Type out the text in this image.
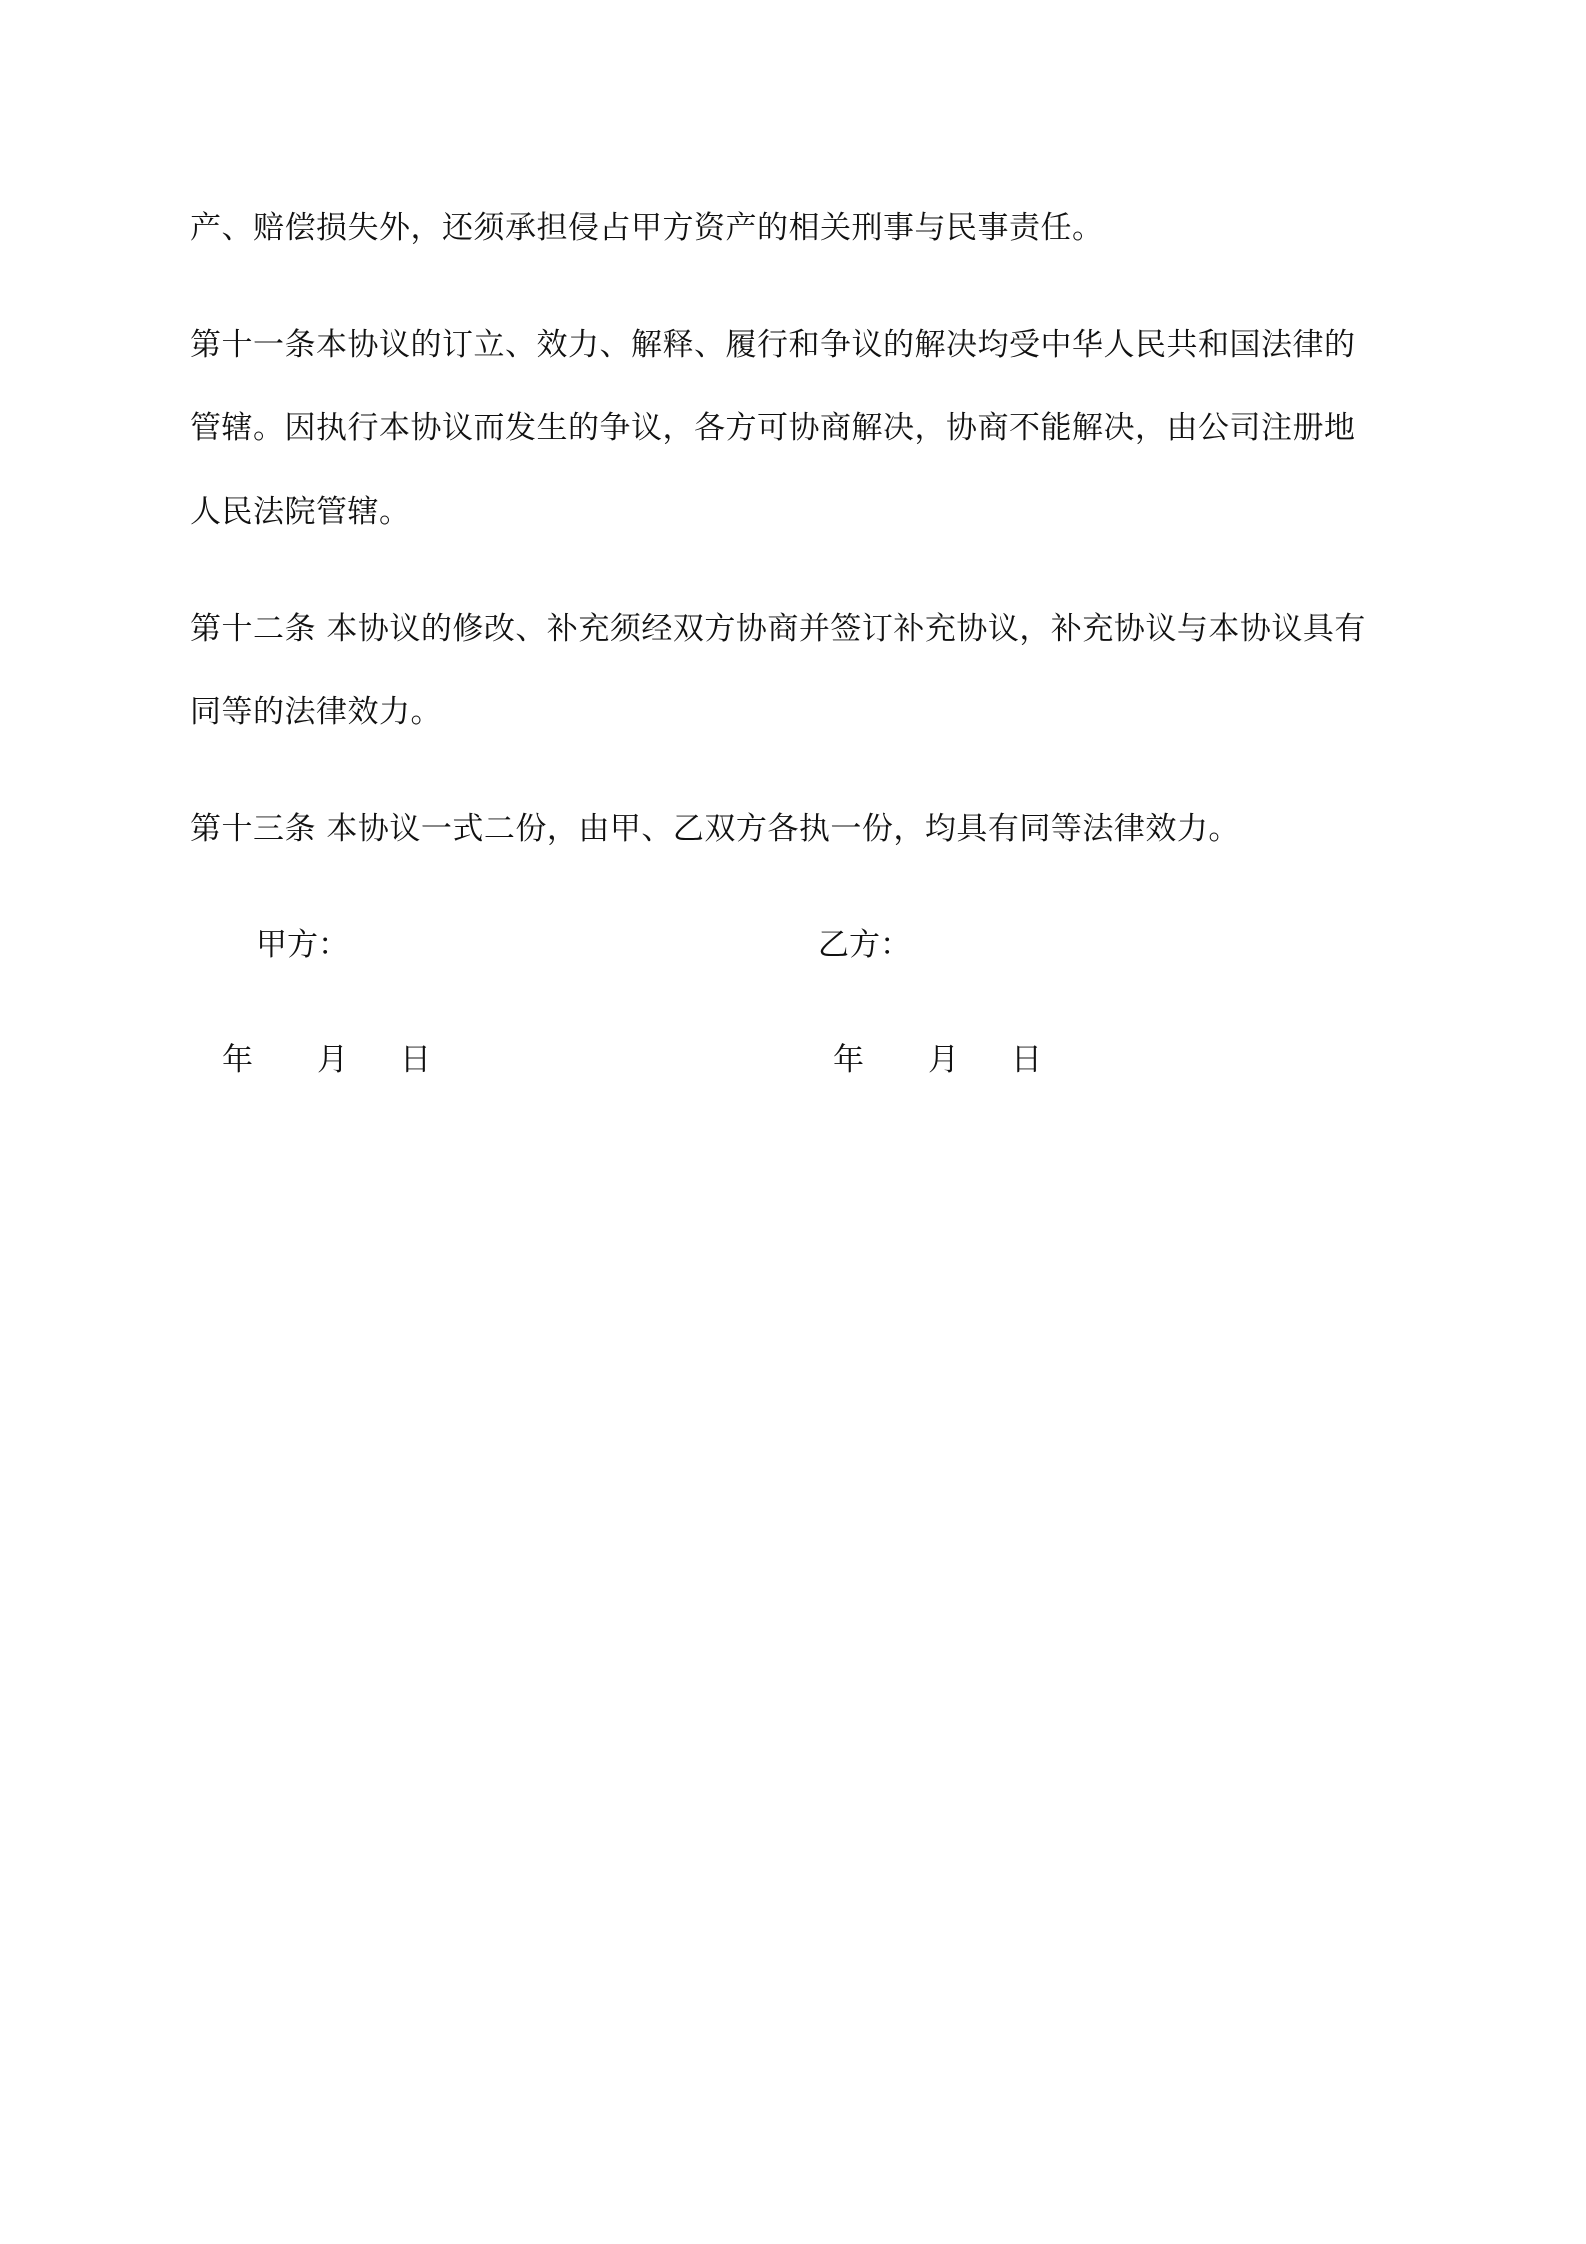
产、赔偿损失外，还须承担侵占甲方资产的相关刑事与民事责任。
第十一条本协议的订立、效力、解释、履行和争议的解决均受中华人民共和国法律的
管辖。因执行本协议而发生的争议，各方可协商解决，协商不能解决，由公司注册地
人民法院管辖。
第十二条 本协议的修改、补充须经双方协商并签订补充协议，补充协议与本协议具有
同等的法律效力。
第十三条 本协议一式二份，由甲、乙双方各执一份，均具有同等法律效力。
甲方：	乙方：
年 月 日	年 月 日
